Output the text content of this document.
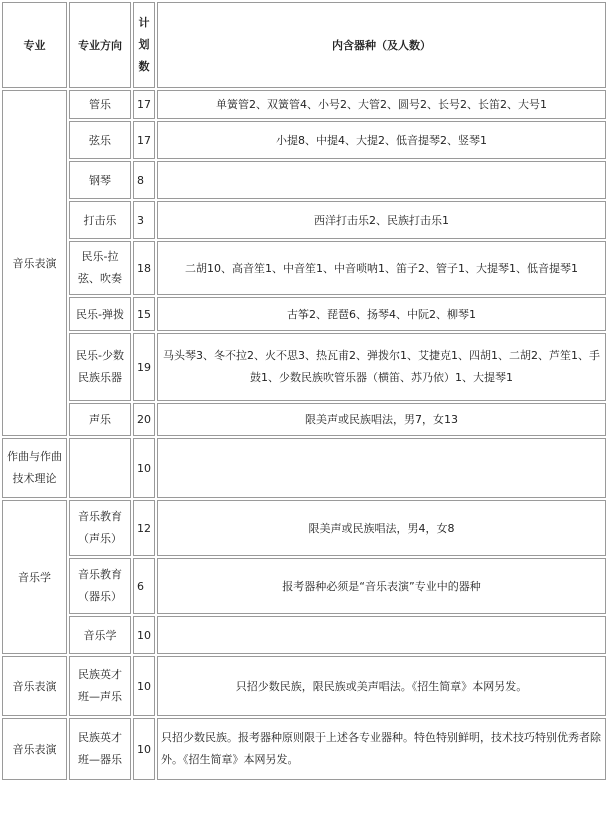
专业	专业方向	计划数	内含器种（及人数）
音乐表演	管乐	17	单簧管2、双簧管4、小号2、大管2、圆号2、长号2、长笛2、大号1
	弦乐	17	小提8、中提4、大提2、低音提琴2、竖琴1
	钢琴	8	
	打击乐	3	西洋打击乐2、民族打击乐1
	民乐-拉弦、吹奏	18	二胡10、高音笙1、中音笙1、中音唢呐1、笛子2、管子1、大提琴1、低音提琴1
	民乐-弹拨	15	古筝2、琵琶6、扬琴4、中阮2、柳琴1
	民乐-少数民族乐器	19	马头琴3、冬不拉2、火不思3、热瓦甫2、弹拨尔1、艾捷克1、四胡1、二胡2、芦笙1、手鼓1、少数民族吹管乐器（横笛、苏乃依）1、大提琴1
	声乐	20	限美声或民族唱法，男7，女13
作曲与作曲技术理论		10	
音乐学	音乐教育（声乐）	12	限美声或民族唱法，男4，女8
	音乐教育（器乐）	6	报考器种必须是“音乐表演”专业中的器种
	音乐学	10	
音乐表演	民族英才班—声乐	10	只招少数民族，限民族或美声唱法。《招生简章》本网另发。
音乐表演	民族英才班—器乐	10	只招少数民族。报考器种原则限于上述各专业器种。特色特别鲜明，技术技巧特别优秀者除外。《招生简章》本网另发。
